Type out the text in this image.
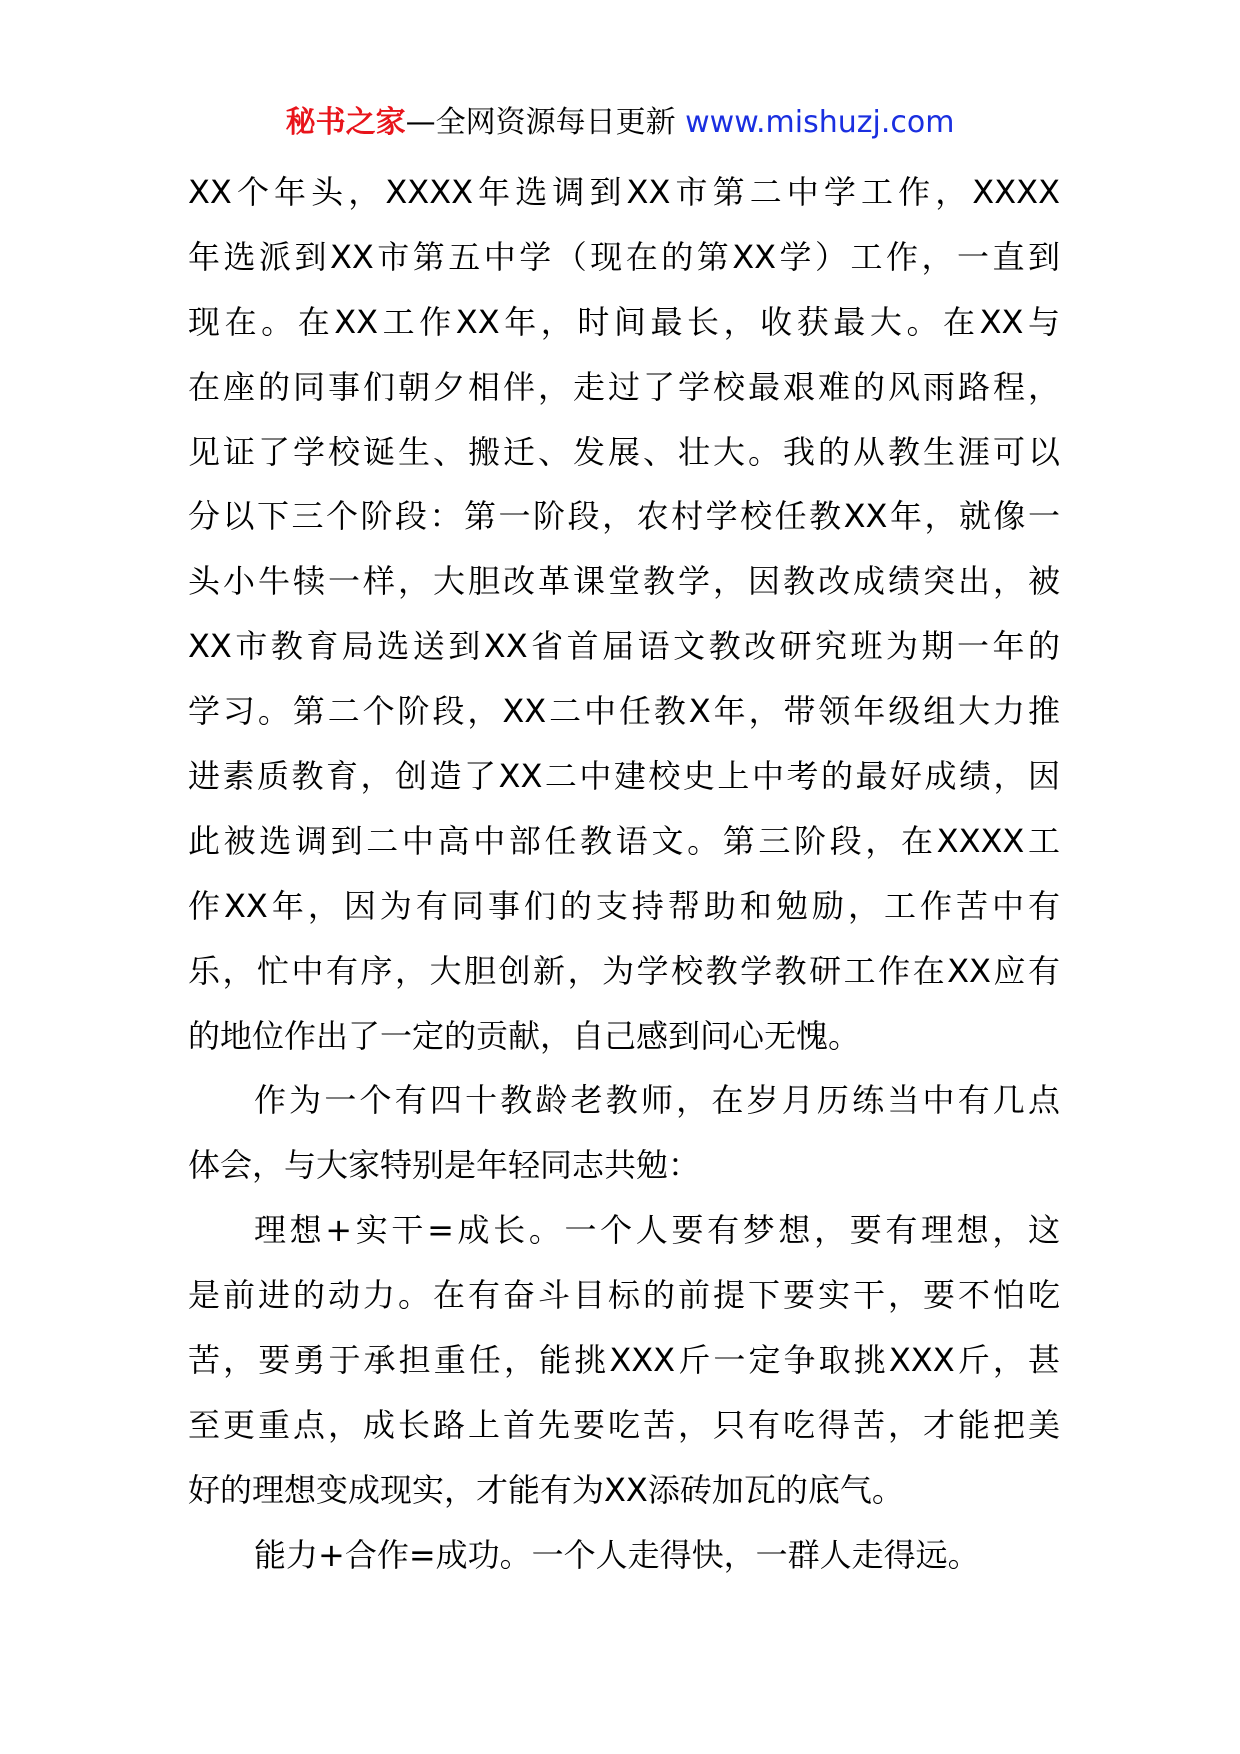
秘书之家—全网资源每日更新 www.mishuzj.com
XX个年头，XXXX年选调到XX市第二中学工作，XXXX
年选派到XX市第五中学（现在的第XX学）工作，一直到
现在。在XX工作XX年，时间最长，收获最大。在XX与
在座的同事们朝夕相伴，走过了学校最艰难的风雨路程，
见证了学校诞生、搬迁、发展、壮大。我的从教生涯可以
分以下三个阶段：第一阶段，农村学校任教XX年，就像一
头小牛犊一样，大胆改革课堂教学，因教改成绩突出，被
XX市教育局选送到XX省首届语文教改研究班为期一年的
学习。第二个阶段，XX二中任教X年，带领年级组大力推
进素质教育，创造了XX二中建校史上中考的最好成绩，因
此被选调到二中高中部任教语文。第三阶段，在XXXX工
作XX年，因为有同事们的支持帮助和勉励，工作苦中有
乐，忙中有序，大胆创新，为学校教学教研工作在XX应有
的地位作出了一定的贡献，自己感到问心无愧。
作为一个有四十教龄老教师，在岁月历练当中有几点
体会，与大家特别是年轻同志共勉：
理想+实干=成长。一个人要有梦想，要有理想，这
是前进的动力。在有奋斗目标的前提下要实干，要不怕吃
苦，要勇于承担重任，能挑XXX斤一定争取挑XXX斤，甚
至更重点，成长路上首先要吃苦，只有吃得苦，才能把美
好的理想变成现实，才能有为XX添砖加瓦的底气。
能力+合作=成功。一个人走得快，一群人走得远。
